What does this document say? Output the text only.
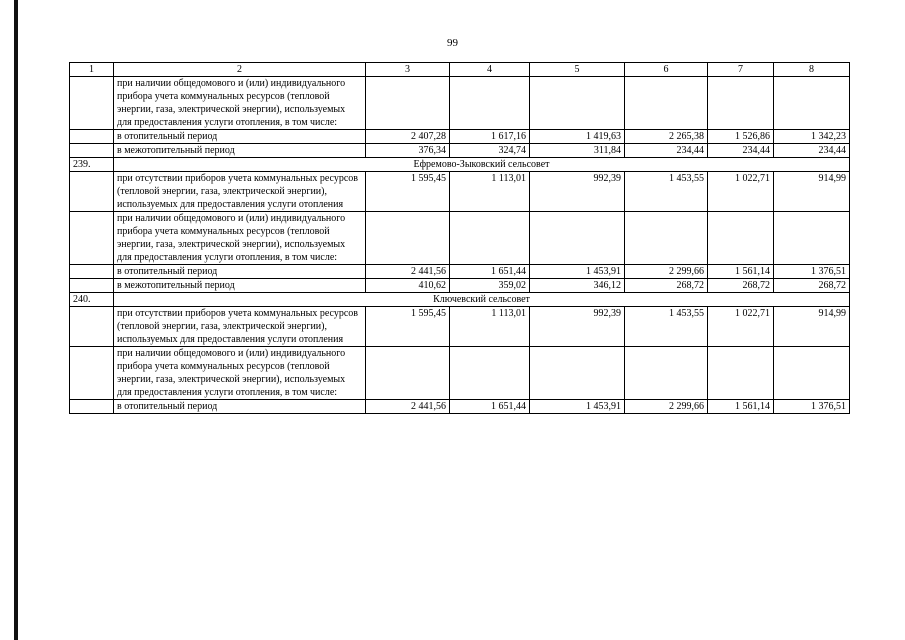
99
1	2	3	4	5	6	7	8
	при наличии общедомового и (или) индивидуального прибора учета коммунальных ресурсов (тепловой энергии, газа, электрической энергии), используемых для предоставления услуги отопления, в том числе:						
	в отопительный период	2 407,28	1 617,16	1 419,63	2 265,38	1 526,86	1 342,23
	в межотопительный период	376,34	324,74	311,84	234,44	234,44	234,44
239.	Ефремово-Зыковский сельсовет						
	при отсутствии приборов учета коммунальных ресурсов (тепловой энергии, газа, электрической энергии), используемых для предоставления услуги отопления	1 595,45	1 113,01	992,39	1 453,55	1 022,71	914,99
	при наличии общедомового и (или) индивидуального прибора учета коммунальных ресурсов (тепловой энергии, газа, электрической энергии), используемых для предоставления услуги отопления, в том числе:						
	в отопительный период	2 441,56	1 651,44	1 453,91	2 299,66	1 561,14	1 376,51
	в межотопительный период	410,62	359,02	346,12	268,72	268,72	268,72
240.	Ключевский сельсовет						
	при отсутствии приборов учета коммунальных ресурсов (тепловой энергии, газа, электрической энергии), используемых для предоставления услуги отопления	1 595,45	1 113,01	992,39	1 453,55	1 022,71	914,99
	при наличии общедомового и (или) индивидуального прибора учета коммунальных ресурсов (тепловой энергии, газа, электрической энергии), используемых для предоставления услуги отопления, в том числе:						
	в отопительный период	2 441,56	1 651,44	1 453,91	2 299,66	1 561,14	1 376,51
